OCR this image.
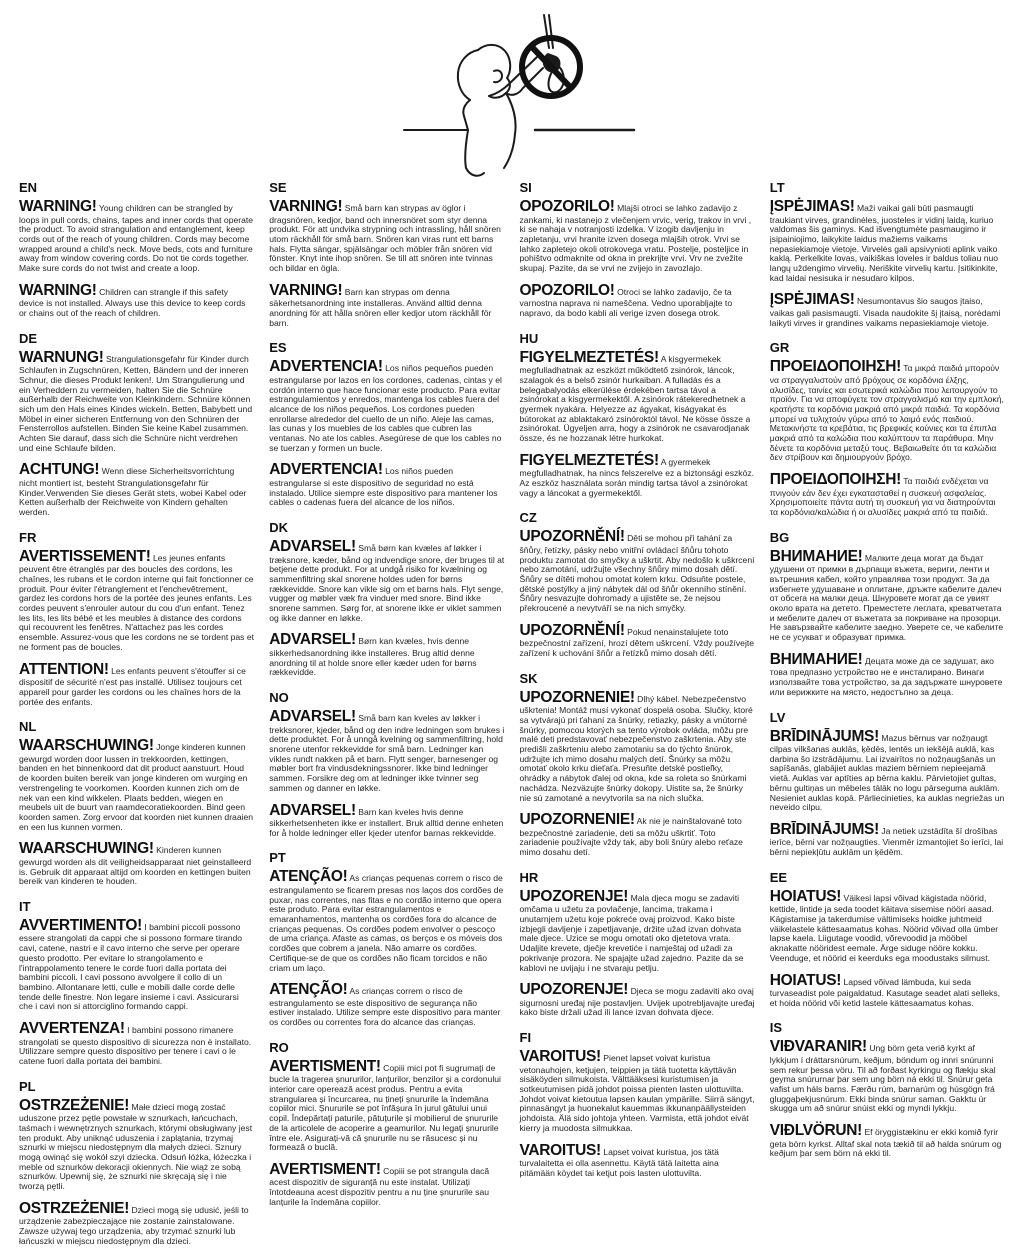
EN

WARNING! Young children can be strangled by loops in pull cords, chains, tapes and inner cords that operate the product. To avoid strangulation and entanglement, keep cords out of the reach of young children. Cords may become wrapped around a child's neck. Move beds, cots and furniture away from window covering cords. Do not tie cords together. Make sure cords do not twist and create a loop.

WARNING! Children can strangle if this safety device is not installed. Always use this device to keep cords or chains out of the reach of children.

DE

WARNUNG! Strangulationsgefahr für Kinder durch Schlaufen in Zugschnüren, Ketten, Bändern und der inneren Schnur, die dieses Produkt lenken!. Um Strangulierung und ein Verheddern zu vermeiden, halten Sie die Schnüre außerhalb der Reichweite von Kleinkindern. Schnüre können sich um den Hals eines Kindes wickeln. Betten, Babybett und Möbel in einer sicheren Entfernung von den Schnüren der Fensterrollos aufstellen. Binden Sie keine Kabel zusammen. Achten Sie darauf, dass sich die Schnüre nicht verdrehen und eine Schlaufe bilden.

ACHTUNG! Wenn diese Sicherheitsvorrichtung nicht montiert ist, besteht Strangulationsgefahr für Kinder.Verwenden Sie dieses Gerät stets, wobei Kabel oder Ketten außerhalb der Reichweite von Kindern gehalten werden.

FR

AVERTISSEMENT! Les jeunes enfants peuvent être étranglés par des boucles des cordons, les chaînes, les rubans et le cordon interne qui fait fonctionner ce produit. Pour éviter l'étranglement et l'enchevêtrement, gardez les cordons hors de la portée des jeunes enfants. Les cordes peuvent s'enrouler autour du cou d'un enfant. Tenez les lits, les lits bébé et les meubles à distance des cordons qui recouvrent les fenêtres. N'attachez pas les cordes ensemble. Assurez-vous que les cordons ne se tordent pas et ne forment pas de boucles.

ATTENTION! Les enfants peuvent s'étouffer si ce dispositif de sécurité n'est pas installé. Utilisez toujours cet appareil pour garder les cordons ou les chaînes hors de la portée des enfants.

NL

WAARSCHUWING! Jonge kinderen kunnen gewurgd worden door lussen in trekkoorden, kettingen, banden en het binnenkoord dat dit product aanstuurt. Houd de koorden buiten bereik van jonge kinderen om wurging en verstrengeling te voorkomen. Koorden kunnen zich om de nek van een kind wikkelen. Plaats bedden, wiegen en meubels uit de buurt van raamdecoratiekoorden. Bind geen koorden samen. Zorg ervoor dat koorden niet kunnen draaien en een lus kunnen vormen.

WAARSCHUWING! Kinderen kunnen gewurgd worden als dit veiligheidsapparaat niet geinstalleerd is. Gebruik dit apparaat altijd om koorden en kettingen buiten bereik van kinderen te houden.

IT

AVVERTIMENTO! I bambini piccoli possono essere strangolati da cappi che si possono formare tirando cavi, catene, nastri e il cavo interno che serve per operare questo prodotto. Per evitare lo strangolamento e l'intrappolamento tenere le corde fuori dalla portata dei bambini piccoli. I cavi possono avvolgere il collo di un bambino. Allontanare letti, culle e mobili dalle corde delle tende delle finestre. Non legare insieme i cavi. Assicurarsi che i cavi non si attorciglino formando cappi.

AVVERTENZA! I bambini possono rimanere strangolati se questo dispositivo di sicurezza non è installato. Utilizzare sempre questo dispositivo per tenere i cavi o le catene fuori dalla portata dei bambini.

PL

OSTRZEŻENIE! Małe dzieci mogą zostać uduszone przez pętle powstałe w sznurkach, łańcuchach, taśmach i wewnętrznych sznurkach, którymi obsługiwany jest ten produkt. Aby uniknąć uduszenia i zaplątania, trzymaj sznurki w miejscu niedostępnym dla małych dzieci. Sznury mogą owinąć się wokół szyi dziecka. Odsuń łóżka, łóżeczka i meble od sznurków dekoracji okiennych. Nie wiąż ze sobą sznurków. Upewnij się, że sznurki nie skręcają się i nie tworzą pętli.

OSTRZEŻENIE! Dzieci mogą się udusić, jeśli to urządzenie zabezpieczające nie zostanie zainstalowane. Zawsze używaj tego urządzenia, aby trzymać sznurki lub łańcuszki w miejscu niedostępnym dla dzieci.

SE

VARNING! Små barn kan strypas av öglor i dragsnören, kedjor, band och innersnöret som styr denna produkt. För att undvika strypning och intrassling, håll snören utom räckhåll för små barn. Snören kan viras runt ett barns hals. Flytta sängar, spjälsängar och möbler från snören vid fönster. Knyt inte ihop snören. Se till att snören inte tvinnas och bildar en ögla.

VARNING! Barn kan strypas om denna säkerhetsanordning inte installeras. Använd alltid denna anordning för att hålla snören eller kedjor utom räckhåll för barn.

ES

ADVERTENCIA! Los niños pequeños pueden estrangularse por lazos en los cordones, cadenas, cintas y el cordón interno que hace funcionar este producto. Para evitar estrangulamientos y enredos, mantenga los cables fuera del alcance de los niños pequeños. Los cordones pueden enrollarse alrededor del cuello de un niño. Aleje las camas, las cunas y los muebles de los cables que cubren las ventanas. No ate los cables. Asegúrese de que los cables no se tuerzan y formen un bucle.

ADVERTENCIA! Los niños pueden estrangularse si este dispositivo de seguridad no está instalado. Utilice siempre este dispositivo para mantener los cables o cadenas fuera del alcance de los niños.

DK

ADVARSEL! Små børn kan kvæles af løkker i træksnore, kæder, bånd og indvendige snore, der bruges til at betjene dette produkt. For at undgå risiko for kvælning og sammenfiltring skal snorene holdes uden for børns rækkevidde. Snore kan vikle sig om et barns hals. Flyt senge, vugger og møbler væk fra vinduer med snore. Bind ikke snorene sammen. Sørg for, at snorene ikke er viklet sammen og ikke danner en løkke.

ADVARSEL! Børn kan kvæles, hvis denne sikkerhedsanordning ikke installeres. Brug altid denne anordning til at holde snore eller kæder uden for børns rækkevidde.

NO

ADVARSEL! Små barn kan kveles av løkker i trekksnorer, kjeder, bånd og den indre ledningen som brukes i dette produktet. For å unngå kvelning og sammenfiltring, hold snorene utenfor rekkevidde for små barn. Ledninger kan vikles rundt nakken på et barn. Flytt senger, barnesenger og møbler bort fra vindusdekningssnorer. Ikke bind ledninger sammen. Forsikre deg om at ledninger ikke tvinner seg sammen og danner en løkke.

ADVARSEL! Barn kan kveles hvis denne sikkerhetsenheten ikke er installert. Bruk alltid denne enheten for å holde ledninger eller kjeder utenfor barnas rekkevidde.

PT

ATENÇÃO! As crianças pequenas correm o risco de estrangulamento se ficarem presas nos laços dos cordões de puxar, nas correntes, nas fitas e no cordão interno que opera este produto. Para evitar estrangulamentos e emaranhamentos, mantenha os cordões fora do alcance de crianças pequenas. Os cordões podem envolver o pescoço de uma criança. Afaste as camas, os berços e os móveis dos cordões que cobrem a janela. Não amarre os cordões. Certifique-se de que os cordões não ficam torcidos e não criam um laço.

ATENÇÃO! As crianças correm o risco de estrangulamento se este dispositivo de segurança não estiver instalado. Utilize sempre este dispositivo para manter os cordões ou correntes fora do alcance das crianças.

RO

AVERTISMENT! Copiii mici pot fi sugrumați de bucle la tragerea șnururilor, lanțurilor, benzilor și a cordonului interior care operează acest produs. Pentru a evita strangularea și încurcarea, nu țineți șnururile la îndemâna copiilor mici. Șnururile se pot înfășura în jurul gâtului unui copil. Îndepărtați paturile, pătuțurile și mobilierul de șnururile de la articolele de acoperire a geamurilor. Nu legați șnururile între ele. Asigurați-vă că șnururile nu se răsucesc și nu formează o buclă.

AVERTISMENT! Copiii se pot strangula dacă acest dispozitiv de siguranță nu este instalat. Utilizați întotdeauna acest dispozitiv pentru a nu ține șnururile sau lanțurile la îndemâna copiilor.

SI

OPOZORILO! Mlajši otroci se lahko zadavijo z zankami, ki nastanejo z vlečenjem vrvic, verig, trakov in vrvi , ki se nahaja v notranjosti izdelka. V izogib davljenju in zapletanju, vrvi hranite izven dosega mlajših otrok. Vrvi se lahko zapletejo okoli otrokovega vratu. Postelje, posteljice in pohištvo odmaknite od okna in prekrijte vrvi. Vrv ne zvežite skupaj. Pazite, da se vrvi ne zvijejo in zavozlajo.

OPOZORILO! Otroci se lahko zadavijo, če ta varnostna naprava ni nameščena. Vedno uporabljajte to napravo, da bodo kabli ali verige izven dosega otrok.

HU

FIGYELMEZTETÉS! A kisgyermekek megfulladhatnak az eszközt működtető zsinórok, láncok, szalagok és a belső zsinór hurkaiban. A fulladás és a belegabalyodás elkerülése érdekében tartsa távol a zsinórokat a kisgyermekektől. A zsinórok rátekeredhetnek a gyermek nyakára. Helyezze az ágyakat, kiságyakat és bútorokat az ablaktakaró zsinóroktól távol. Ne kösse össze a zsinórokat. Ügyeljen arra, hogy a zsinórok ne csavarodjanak össze, és ne hozzanak létre hurkokat.

FIGYELMEZTETÉS! A gyermekek megfulladhatnak, ha nincs felszerelve ez a biztonsági eszköz. Az eszköz használata során mindig tartsa távol a zsinórokat vagy a láncokat a gyermekektől.

CZ

UPOZORNĚNÍ! Děti se mohou při tahání za šňůry, řetízky, pásky nebo vnitřní ovládací šňůru tohoto produktu zamotat do smyčky a uškrtit. Aby nedošlo k uškrcení nebo zamotání, udržujte všechny šňůry mimo dosah dětí. Šňůry se dítěti mohou omotat kolem krku. Odsuňte postele, dětské postýlky a jiný nábytek dál od šňůr okenního stínění. Šňůry nesvazujte dohromady a ujistěte se, že nejsou překroucené a nevytváří se na nich smyčky.

UPOZORNĚNÍ! Pokud nenainstalujete toto bezpečnostní zařízení, hrozí dětem uškrcení. Vždy používejte zařízení k uchování šňůr a řetízků mimo dosah dětí.

SK

UPOZORNENIE! Dlhý kábel. Nebezpečenstvo uškrtenia! Montáž musí vykonať dospelá osoba. Slučky, ktoré sa vytvárajú pri ťahaní za šnúrky, retiazky, pásky a vnútorné šnúrky, pomocou ktorých sa tento výrobok ovláda, môžu pre malé deti predstavovať nebezpečenstvo zaškrtenia. Aby ste predišli zaškrteniu alebo zamotaniu sa do týchto šnúrok, udržujte ich mimo dosahu malých detí. Šnúrky sa môžu omotať okolo krku dieťaťa. Presuňte detské postieľky, ohrádky a nábytok ďalej od okna, kde sa roleta so šnúrkami nachádza. Nezväzujte šnúrky dokopy. Uistite sa, že šnúrky nie sú zamotané a nevytvorila sa na nich slučka.

UPOZORNENIE! Ak nie je nainštalované toto bezpečnostné zariadenie, deti sa môžu uškrtiť. Toto zariadenie používajte vždy tak, aby boli šnúry alebo reťaze mimo dosahu detí.

HR

UPOZORENJE! Mala djeca mogu se zadaviti omčama u užetu za povlačenje, lancima, trakama i unutarnjem užetu koje pokreće ovaj proizvod. Kako biste izbjegli davljenje i zapetljavanje, držite užad izvan dohvata male djece. Uzice se mogu omotati oko djetetova vrata. Udaljite krevete, dječje krevetiće i namještaj od užadi za pokrivanje prozora. Ne spajajte užad zajedno. Pazite da se kablovi ne uvijaju i ne stvaraju petlju.

UPOZORENJE! Djeca se mogu zadaviti ako ovaj sigurnosni uređaj nije postavljen. Uvijek upotrebljavajte uređaj kako biste držali užad ili lance izvan dohvata djece.

FI

VAROITUS! Pienet lapset voivat kuristua vetonauhojen, ketjujen, teippien ja tätä tuotetta käyttävän sisäköyden silmukoista. Välttääksesi kuristumisen ja sotkeutumisen pidä johdot poissa pienten lasten ulottuvilta. Johdot voivat kietoutua lapsen kaulan ympärille. Siirrä sängyt, pinnasängyt ja huonekalut kauemmas ikkunanpäällysteiden johdoista. Älä sido johtoja yhteen. Varmista, että johdot eivät kierry ja muodosta silmukkaa.

VAROITUS! Lapset voivat kuristua, jos tätä turvalaitetta ei olla asennettu. Käytä tätä laitetta aina pitämään köydet tai ketjut pois lasten ulottuvilta.

LT

ĮSPĖJIMAS! Maži vaikai gali būti pasmaugti traukiant virves, grandinėles, juosteles ir vidinį laidą, kuriuo valdomas šis gaminys. Kad išvengtumėte pasmaugimo ir įsipainiojimo, laikykite laidus mažiems vaikams nepasiekiamoje vietoje. Virvelės gali apsivynioti aplink vaiko kaklą. Perkelkite lovas, vaikiškas loveles ir baldus toliau nuo langų uždengimo virvelių. Neriškite virvelių kartu. Įsitikinkite, kad laidai nesisuka ir nesudaro kilpos.

ĮSPĖJIMAS! Nesumontavus šio saugos įtaiso, vaikas gali pasismaugti. Visada naudokite šį įtaisą, norėdami laikyti virves ir grandines vaikams nepasiekiamoje vietoje.

GR

ΠΡΟΕΙΔΟΠΟΙΗΣΗ! Τα μικρά παιδιά μπορούν να στραγγαλιστούν από βρόχους σε κορδόνια έλξης, αλυσίδες, ταινίες και εσωτερικά καλώδια που λειτουργούν το προϊόν. Για να αποφύγετε τον στραγγαλισμό και την εμπλοκή, κρατήστε τα κορδόνια μακριά από μικρά παιδιά. Τα κορδόνια μπορεί να τυλιχτούν γύρω από το λαιμό ενός παιδιού. Μετακινήστε τα κρεβάτια, τις βρεφικές κούνιες και τα έπιπλα μακριά από τα καλώδια που καλύπτουν τα παράθυρα. Μην δένετε τα κορδόνια μεταξύ τους. Βεβαιωθείτε ότι τα καλώδια δεν στρίβουν και δημιουργούν βρόχο.

ΠΡΟΕΙΔΟΠΟΙΗΣΗ! Τα παιδιά ενδέχεται να πνιγούν εάν δεν έχει εγκατασταθεί η συσκευή ασφαλείας. Χρησιμοποιείτε πάντα αυτή τη συσκευή για να διατηρούνται τα κορδόνια/καλώδια ή οι αλυσίδες μακριά από τα παιδιά.

BG

ВНИМАНИЕ! Малките деца могат да бъдат удушени от примки в дърпащи въжета, вериги, ленти и вътрешния кабел, който управлява този продукт. За да избегнете удушаване и оплитане, дръжте кабелите далеч от обсега на малки деца. Шнуровете могат да се увият около врата на детето. Преместете леглата, креватчетата и мебелите далеч от въжетата за покриване на прозорци. Не завързвайте кабелите заедно. Уверете се, че кабелите не се усукват и образуват примка.

ВНИМАНИЕ! Децата може да се задушат, ако това предпазно устройство не е инсталирано. Винаги използвайте това устройство, за да задържате шнуровете или верижките на място, недостъпно за деца.

LV

BRĪDINĀJUMS! Mazus bērnus var nožņaugt cilpas vilkšanas auklās, ķēdēs, lentēs un iekšējā auklā, kas darbina šo izstrādājumu. Lai izvairītos no nožņaugšanās un sapīšanās, glabājiet auklas maziem bērniem nepieejamā vietā. Auklas var aptīties ap bērna kaklu. Pārvietojiet gultas, bērnu gultiņas un mēbeles tālāk no logu pārseguma auklām. Nesieniet auklas kopā. Pārliecinieties, ka auklas negriežas un neveido cilpu.

BRĪDINĀJUMS! Ja netiek uzstādīta šī drošības ierīce, bērni var nožņaugties. Vienmēr izmantojiet šo ierīci, lai bērni nepiekļūtu auklām un ķēdēm.

EE

HOIATUS! Väikesi lapsi võivad kägistada nöörid, kettide, lintide ja seda toodet käitava sisemise nööri aasad. Kägistamise ja takerdumise vältimiseks hoidke juhtmeid väikelastele kättesaamatus kohas. Nöörid võivad olla ümber lapse kaela. Liigutage voodid, võrevoodid ja mööbel aknakatte nööridest eemale. Ärge siduge nööre kokku. Veenduge, et nöörid ei keerduks ega moodustaks silmust.

HOIATUS! Lapsed võivad lämbuda, kui seda turvaseadist pole paigaldatud. Kasutage seadet alati selleks, et hoida nöörid või ketid lastele kättesaamatus kohas.

IS

VIÐVARANIR! Ung börn geta verið kyrkt af lykkjum í dráttarsnúrum, keðjum, böndum og innri snúrunni sem rekur þessa vöru. Til að forðast kyrkingu og flækju skal geyma snúrurnar þar sem ung börn ná ekki til. Snúrur geta vafist um háls barns. Færðu rúm, barnarúm og húsgögn frá gluggaþekjusnúrum. Ekki binda snúrur saman. Gakktu úr skugga um að snúrur snúist ekki og myndi lykkju.

VIÐLVÖRUN! Ef öryggistækinu er ekki komið fyrir geta börn kyrkst. Alltaf skal nota tækið til að halda snúrum og keðjum þar sem börn ná ekki til.
